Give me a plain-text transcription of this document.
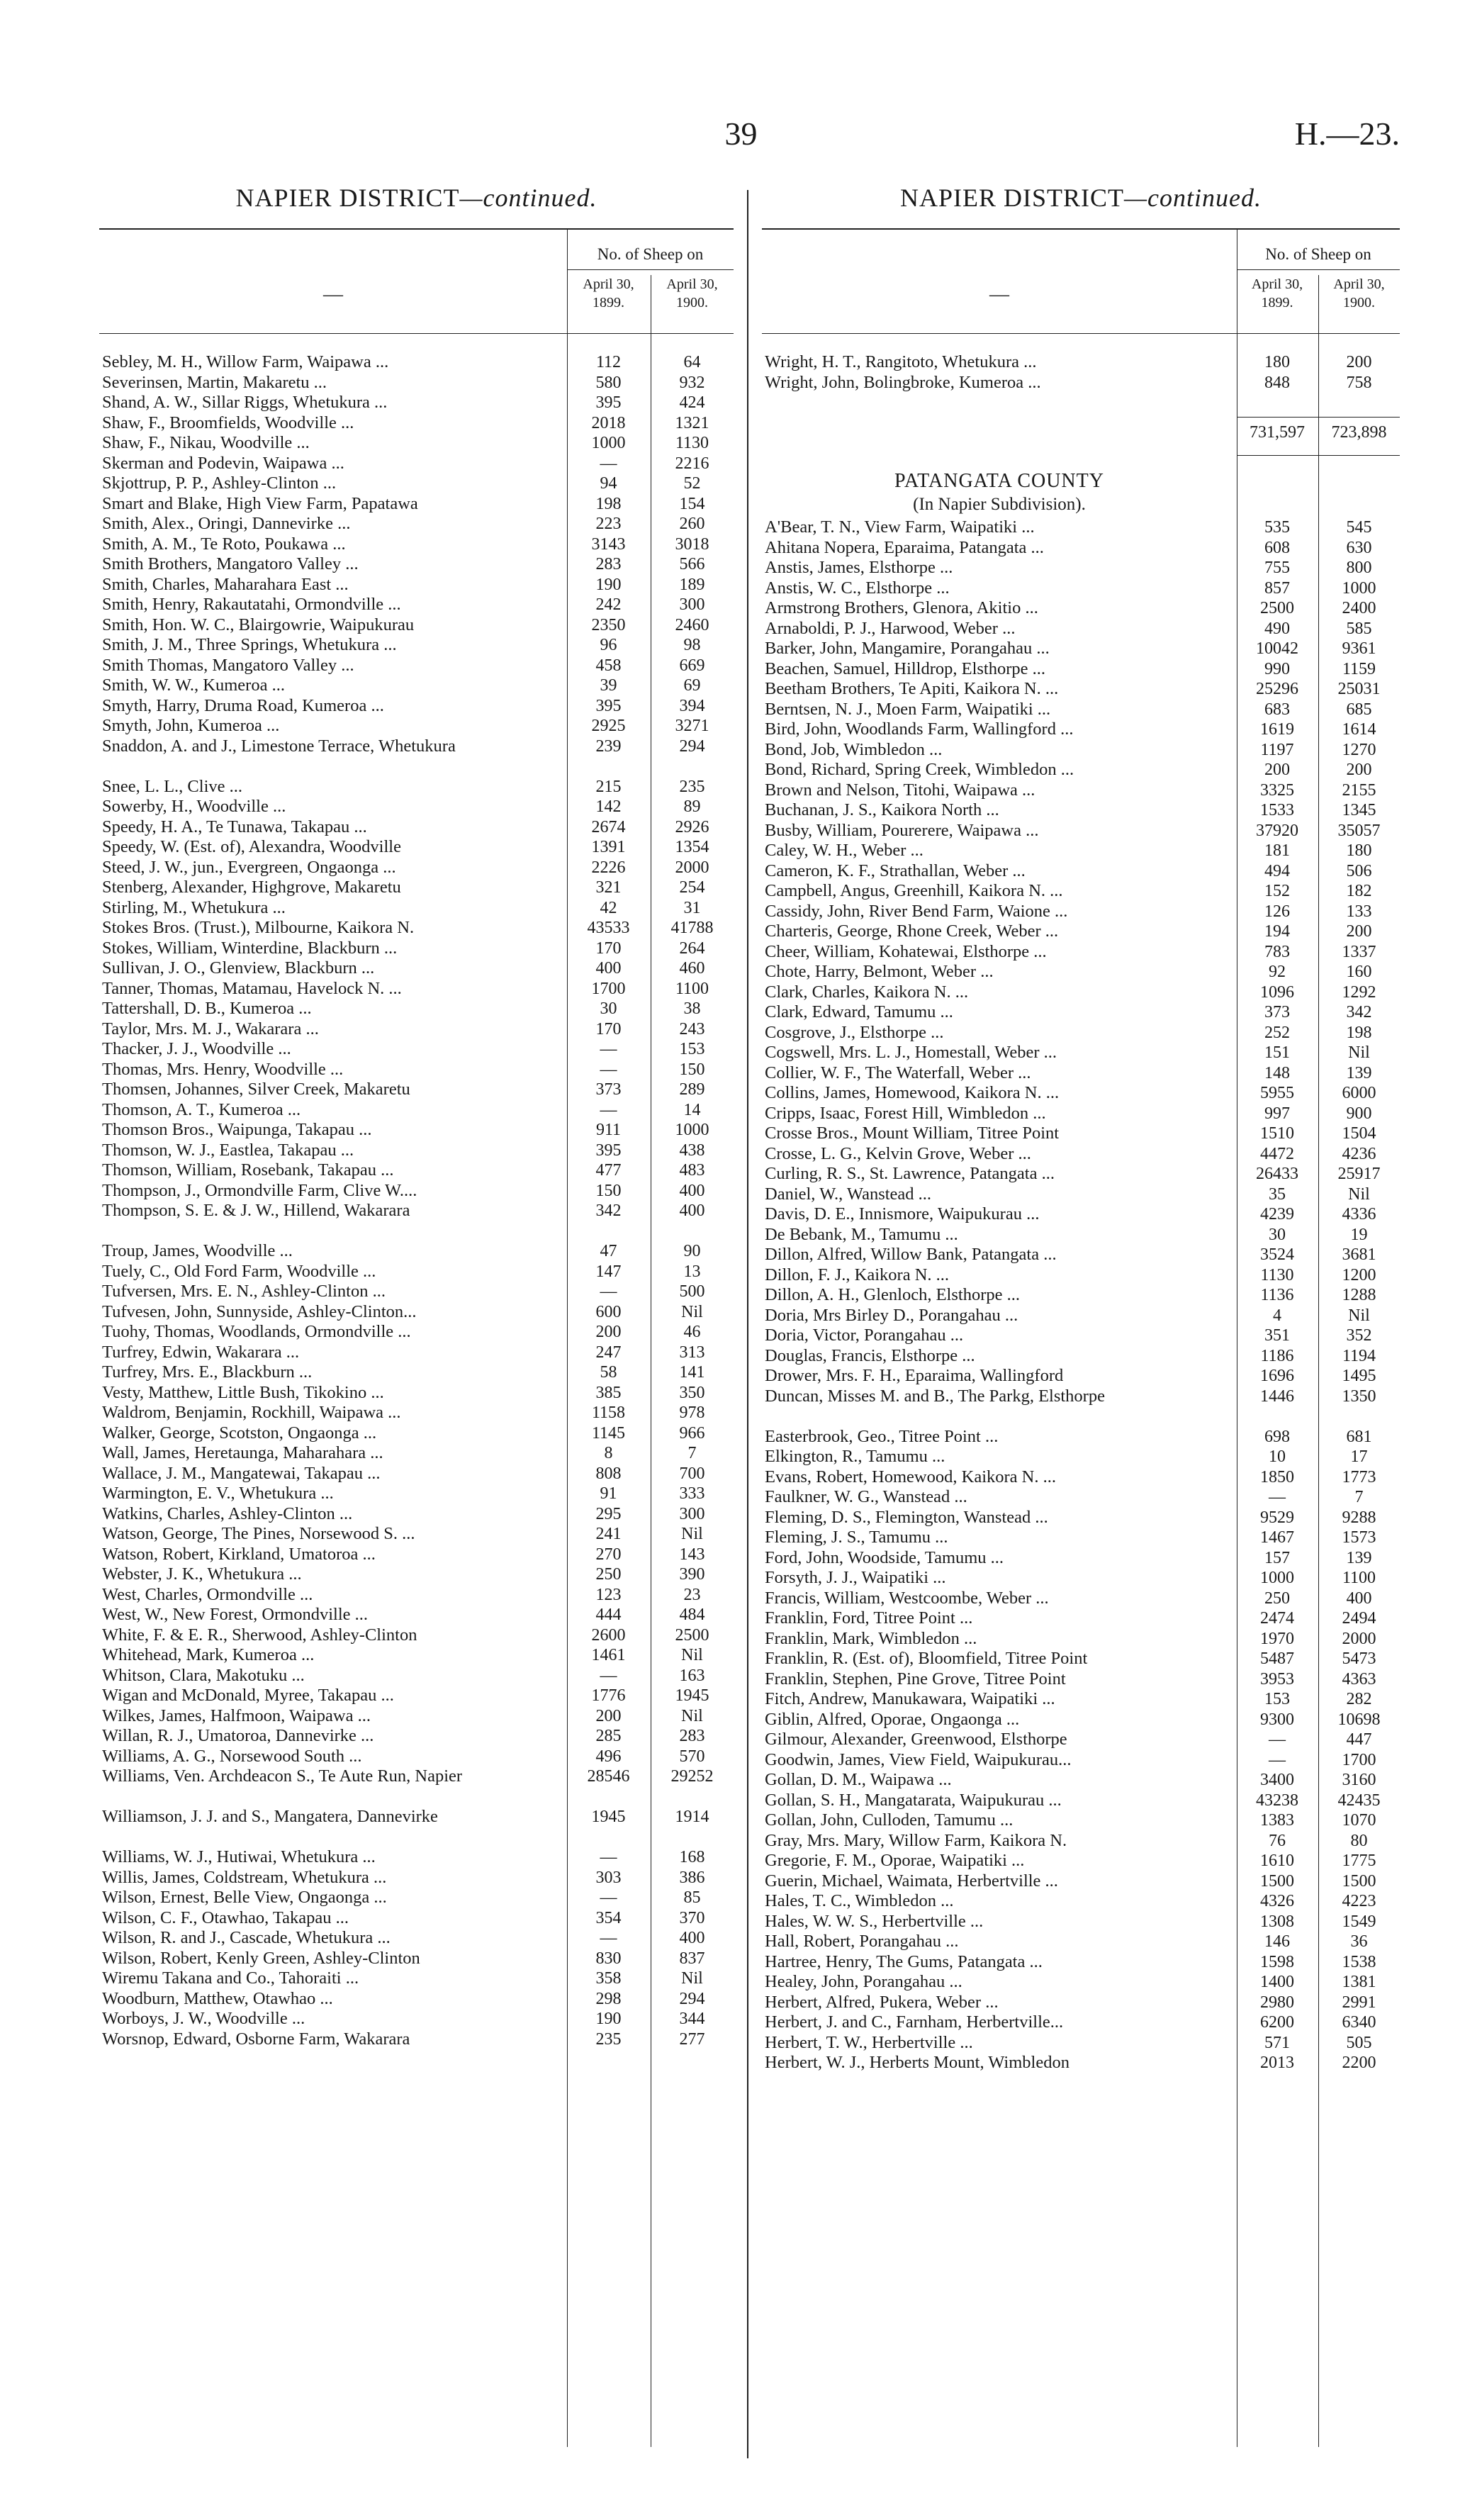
39	H.—23.
NAPIER DISTRICT—continued.
—
No. of Sheep on
April 30, 1899.
April 30, 1900.
Sebley, M. H., Willow Farm, Waipawa ...	112	64
Severinsen, Martin, Makaretu ...	580	932
Shand, A. W., Sillar Riggs, Whetukura ...	395	424
Shaw, F., Broomfields, Woodville ...	2018	1321
Shaw, F., Nikau, Woodville ...	1000	1130
Skerman and Podevin, Waipawa ...	—	2216
Skjottrup, P. P., Ashley-Clinton ...	94	52
Smart and Blake, High View Farm, Papatawa	198	154
Smith, Alex., Oringi, Dannevirke ...	223	260
Smith, A. M., Te Roto, Poukawa ...	3143	3018
Smith Brothers, Mangatoro Valley ...	283	566
Smith, Charles, Maharahara East ...	190	189
Smith, Henry, Rakautatahi, Ormondville ...	242	300
Smith, Hon. W. C., Blairgowrie, Waipukurau	2350	2460
Smith, J. M., Three Springs, Whetukura ...	96	98
Smith Thomas, Mangatoro Valley ...	458	669
Smith, W. W., Kumeroa ...	39	69
Smyth, Harry, Druma Road, Kumeroa ...	395	394
Smyth, John, Kumeroa ...	2925	3271
Snaddon, A. and J., Limestone Terrace, Whetukura	239	294
Snee, L. L., Clive ...	215	235
Sowerby, H., Woodville ...	142	89
Speedy, H. A., Te Tunawa, Takapau ...	2674	2926
Speedy, W. (Est. of), Alexandra, Woodville	1391	1354
Steed, J. W., jun., Evergreen, Ongaonga ...	2226	2000
Stenberg, Alexander, Highgrove, Makaretu	321	254
Stirling, M., Whetukura ...	42	31
Stokes Bros. (Trust.), Milbourne, Kaikora N.	43533	41788
Stokes, William, Winterdine, Blackburn ...	170	264
Sullivan, J. O., Glenview, Blackburn ...	400	460
Tanner, Thomas, Matamau, Havelock N. ...	1700	1100
Tattershall, D. B., Kumeroa ...	30	38
Taylor, Mrs. M. J., Wakarara ...	170	243
Thacker, J. J., Woodville ...	—	153
Thomas, Mrs. Henry, Woodville ...	—	150
Thomsen, Johannes, Silver Creek, Makaretu	373	289
Thomson, A. T., Kumeroa ...	—	14
Thomson Bros., Waipunga, Takapau ...	911	1000
Thomson, W. J., Eastlea, Takapau ...	395	438
Thomson, William, Rosebank, Takapau ...	477	483
Thompson, J., Ormondville Farm, Clive W....	150	400
Thompson, S. E. & J. W., Hillend, Wakarara	342	400
Troup, James, Woodville ...	47	90
Tuely, C., Old Ford Farm, Woodville ...	147	13
Tufversen, Mrs. E. N., Ashley-Clinton ...	—	500
Tufvesen, John, Sunnyside, Ashley-Clinton...	600	Nil
Tuohy, Thomas, Woodlands, Ormondville ...	200	46
Turfrey, Edwin, Wakarara ...	247	313
Turfrey, Mrs. E., Blackburn ...	58	141
Vesty, Matthew, Little Bush, Tikokino ...	385	350
Waldrom, Benjamin, Rockhill, Waipawa ...	1158	978
Walker, George, Scotston, Ongaonga ...	1145	966
Wall, James, Heretaunga, Maharahara ...	8	7
Wallace, J. M., Mangatewai, Takapau ...	808	700
Warmington, E. V., Whetukura ...	91	333
Watkins, Charles, Ashley-Clinton ...	295	300
Watson, George, The Pines, Norsewood S. ...	241	Nil
Watson, Robert, Kirkland, Umatoroa ...	270	143
Webster, J. K., Whetukura ...	250	390
West, Charles, Ormondville ...	123	23
West, W., New Forest, Ormondville ...	444	484
White, F. & E. R., Sherwood, Ashley-Clinton	2600	2500
Whitehead, Mark, Kumeroa ...	1461	Nil
Whitson, Clara, Makotuku ...	—	163
Wigan and McDonald, Myree, Takapau ...	1776	1945
Wilkes, James, Halfmoon, Waipawa ...	200	Nil
Willan, R. J., Umatoroa, Dannevirke ...	285	283
Williams, A. G., Norsewood South ...	496	570
Williams, Ven. Archdeacon S., Te Aute Run, Napier	28546	29252
Williamson, J. J. and S., Mangatera, Dannevirke	1945	1914
Williams, W. J., Hutiwai, Whetukura ...	—	168
Willis, James, Coldstream, Whetukura ...	303	386
Wilson, Ernest, Belle View, Ongaonga ...	—	85
Wilson, C. F., Otawhao, Takapau ...	354	370
Wilson, R. and J., Cascade, Whetukura ...	—	400
Wilson, Robert, Kenly Green, Ashley-Clinton	830	837
Wiremu Takana and Co., Tahoraiti ...	358	Nil
Woodburn, Matthew, Otawhao ...	298	294
Worboys, J. W., Woodville ...	190	344
Worsnop, Edward, Osborne Farm, Wakarara	235	277
NAPIER DISTRICT—continued.
—
No. of Sheep on
April 30, 1899.
April 30, 1900.
Wright, H. T., Rangitoto, Whetukura ...	180	200
Wright, John, Bolingbroke, Kumeroa ...	848	758
731,597	723,898
PATANGATA COUNTY
(In Napier Subdivision).
A'Bear, T. N., View Farm, Waipatiki ...	535	545
Ahitana Nopera, Eparaima, Patangata ...	608	630
Anstis, James, Elsthorpe ...	755	800
Anstis, W. C., Elsthorpe ...	857	1000
Armstrong Brothers, Glenora, Akitio ...	2500	2400
Arnaboldi, P. J., Harwood, Weber ...	490	585
Barker, John, Mangamire, Porangahau ...	10042	9361
Beachen, Samuel, Hilldrop, Elsthorpe ...	990	1159
Beetham Brothers, Te Apiti, Kaikora N. ...	25296	25031
Berntsen, N. J., Moen Farm, Waipatiki ...	683	685
Bird, John, Woodlands Farm, Wallingford ...	1619	1614
Bond, Job, Wimbledon ...	1197	1270
Bond, Richard, Spring Creek, Wimbledon ...	200	200
Brown and Nelson, Titohi, Waipawa ...	3325	2155
Buchanan, J. S., Kaikora North ...	1533	1345
Busby, William, Pourerere, Waipawa ...	37920	35057
Caley, W. H., Weber ...	181	180
Cameron, K. F., Strathallan, Weber ...	494	506
Campbell, Angus, Greenhill, Kaikora N. ...	152	182
Cassidy, John, River Bend Farm, Waione ...	126	133
Charteris, George, Rhone Creek, Weber ...	194	200
Cheer, William, Kohatewai, Elsthorpe ...	783	1337
Chote, Harry, Belmont, Weber ...	92	160
Clark, Charles, Kaikora N. ...	1096	1292
Clark, Edward, Tamumu ...	373	342
Cosgrove, J., Elsthorpe ...	252	198
Cogswell, Mrs. L. J., Homestall, Weber ...	151	Nil
Collier, W. F., The Waterfall, Weber ...	148	139
Collins, James, Homewood, Kaikora N. ...	5955	6000
Cripps, Isaac, Forest Hill, Wimbledon ...	997	900
Crosse Bros., Mount William, Titree Point	1510	1504
Crosse, L. G., Kelvin Grove, Weber ...	4472	4236
Curling, R. S., St. Lawrence, Patangata ...	26433	25917
Daniel, W., Wanstead ...	35	Nil
Davis, D. E., Innismore, Waipukurau ...	4239	4336
De Bebank, M., Tamumu ...	30	19
Dillon, Alfred, Willow Bank, Patangata ...	3524	3681
Dillon, F. J., Kaikora N. ...	1130	1200
Dillon, A. H., Glenloch, Elsthorpe ...	1136	1288
Doria, Mrs Birley D., Porangahau ...	4	Nil
Doria, Victor, Porangahau ...	351	352
Douglas, Francis, Elsthorpe ...	1186	1194
Drower, Mrs. F. H., Eparaima, Wallingford	1696	1495
Duncan, Misses M. and B., The Parkg, Elsthorpe	1446	1350
Easterbrook, Geo., Titree Point ...	698	681
Elkington, R., Tamumu ...	10	17
Evans, Robert, Homewood, Kaikora N. ...	1850	1773
Faulkner, W. G., Wanstead ...	—	7
Fleming, D. S., Flemington, Wanstead ...	9529	9288
Fleming, J. S., Tamumu ...	1467	1573
Ford, John, Woodside, Tamumu ...	157	139
Forsyth, J. J., Waipatiki ...	1000	1100
Francis, William, Westcoombe, Weber ...	250	400
Franklin, Ford, Titree Point ...	2474	2494
Franklin, Mark, Wimbledon ...	1970	2000
Franklin, R. (Est. of), Bloomfield, Titree Point	5487	5473
Franklin, Stephen, Pine Grove, Titree Point	3953	4363
Fitch, Andrew, Manukawara, Waipatiki ...	153	282
Giblin, Alfred, Oporae, Ongaonga ...	9300	10698
Gilmour, Alexander, Greenwood, Elsthorpe	—	447
Goodwin, James, View Field, Waipukurau...	—	1700
Gollan, D. M., Waipawa ...	3400	3160
Gollan, S. H., Mangatarata, Waipukurau ...	43238	42435
Gollan, John, Culloden, Tamumu ...	1383	1070
Gray, Mrs. Mary, Willow Farm, Kaikora N.	76	80
Gregorie, F. M., Oporae, Waipatiki ...	1610	1775
Guerin, Michael, Waimata, Herbertville ...	1500	1500
Hales, T. C., Wimbledon ...	4326	4223
Hales, W. W. S., Herbertville ...	1308	1549
Hall, Robert, Porangahau ...	146	36
Hartree, Henry, The Gums, Patangata ...	1598	1538
Healey, John, Porangahau ...	1400	1381
Herbert, Alfred, Pukera, Weber ...	2980	2991
Herbert, J. and C., Farnham, Herbertville...	6200	6340
Herbert, T. W., Herbertville ...	571	505
Herbert, W. J., Herberts Mount, Wimbledon	2013	2200
